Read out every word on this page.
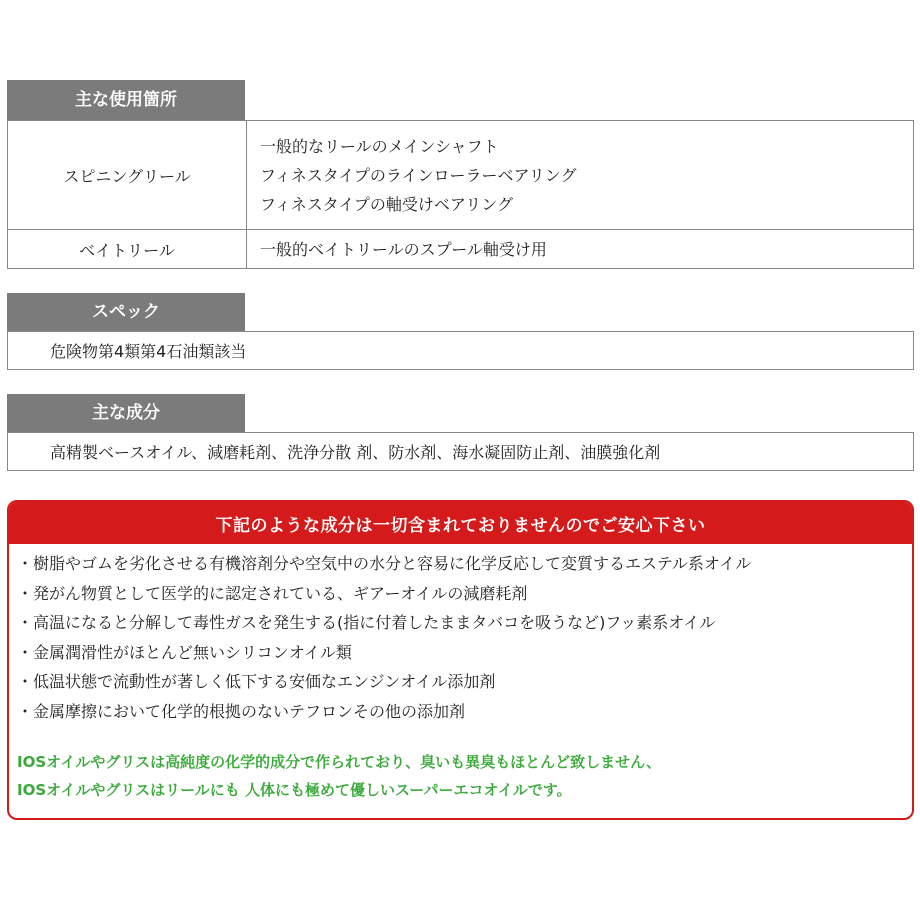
主な使用箇所
スピニングリール
一般的なリールのメインシャフト
フィネスタイプのラインローラーベアリング
フィネスタイプの軸受けベアリング
ベイトリール	一般的ベイトリールのスプール軸受け用
スペック
危険物第4類第4石油類該当
主な成分
高精製ベースオイル、減磨耗剤、洗浄分散 剤、防水剤、海水凝固防止剤、油膜強化剤
下記のような成分は一切含まれておりませんのでご安心下さい
・ 樹脂やゴムを劣化させる有機溶剤分や空気中の水分と容易に化学反応して変質するエステル系オイル
・ 発がん物質として医学的に認定されている、ギアーオイルの減磨耗剤
・ 高温になると分解して毒性ガスを発生する(指に付着したままタバコを吸うなど)フッ素系オイル
・ 金属潤滑性がほとんど無いシリコンオイル類
・ 低温状態で流動性が著しく低下する安価なエンジンオイル添加剤
・ 金属摩擦において化学的根拠のないテフロンその他の添加剤
IOSオイルやグリスは高純度の化学的成分で作られており、臭いも異臭もほとんど致しません、
IOSオイルやグリスはリールにも 人体にも極めて優しいスーパーエコオイルです。
